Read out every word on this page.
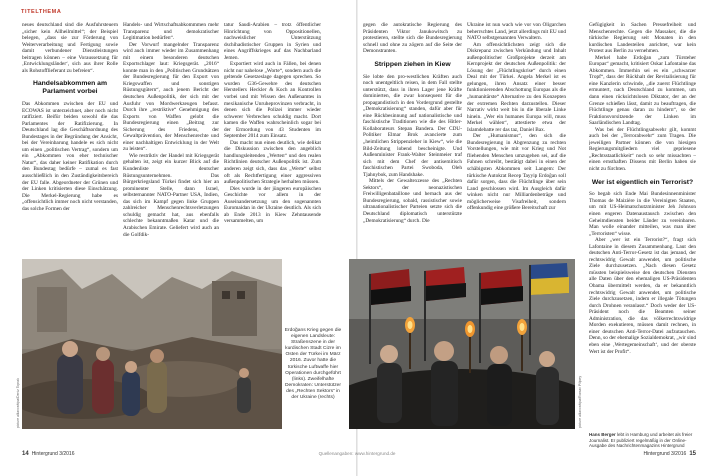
TITELTHEMA

neues deutschland sind die Ausfuhrsteuern „sicher kein Allheilmittel“; der Beispiel belegen, „dass sie zur Förderung von Weiterverarbeitung und Fertigung sowie damit verbundener Dienstleistungen beitragen können – eine Voraussetzung für ‚Entwicklungsländer‘, sich aus ihrer Rolle als Rohstofflieferant zu befreien“.

Handelsabkommen am Parlament vorbei

Das Abkommen zwischen der EU und ECOWAS ist unterzeichnet, aber noch nicht ratifiziert. Beifür beiden sowohl die das Parlamentes der Ratifizierung. In Deutschland lag die Geschäftsordnung des Bundestages in der Begründung der Ansicht, bei der Vereinbarung handele es sich nicht um einen „politischen Vertrag“, sondern um ein „Abkommen von eher technischer Natur“, das daher keiner Ratifikation durch den Bundestag bedürfe – zumal es fast ausschließlich in den Zuständigkeitsbereich der EU falle. Abgeordneter der Grünen und der Linken kritisierten diese Einschätzung. Die Merkel-Regierung habe es „offensichtlich immer noch nicht verstanden, das solche Formen der

Handels- und Wirtschaftsabkommmen mehr Transparenz und demokratischer Legitimation bedürfen“.

Der Vorwurf mangelnder Transparenz wird auch immer wieder im Zusammenhang mit einem besonderen deutschen Exportschlager laut: Kriegsgerät. „2016“ konnte man in den „Politischen Grundsätzen der Bundesregierung für den Export von Kriegswaffen und sonstigen Rüstungsgütern“, auch jenem Bericht der deutschen Außenpolitik, der sich mit der Ausfuhr von Mordwerkzeugen befasst. Durch ihre „restriktive“ Genehmigung des Exports von Waffen gelobt die Bundesregierung einen „Beitrag zur Sicherung des Friedens, der Gewaltprävention, der Menschenrechte und einer nachhaltigen Entwicklung in der Welt zu leisten“.

Wie restriktiv der Handel mit Kriegsgerät gehalten ist, zeigt ein kurzer Blick auf die Kundenliste deutscher Rüstungsunternehmen. Das Bürgerkriegsland Türkei findet sich hier an prominenter Stelle, dann Israel, selbsternannter NATO-Partner USA, Indien, das sich im Kampf gegen linke Gruppen zahlreicher Menschenrechtsverletzungen schuldig gemacht hat, aus ebenfalls schlechte bekanntmaßen Katar und die Arabischen Emirate. Geliefert wird auch an die Golfdik-

tatur Saudi-Arabien – trotz öffentlicher Hinrichtung von Oppositionellen, nachweislicher Unterstützung dschihadistischer Gruppen in Syrien und eines Angriffskrieges auf das Nachbarland Jemen.

Exportiert wird auch in Fällen, bei denen nicht nur nahelose „Worte“, sondern auch die geltende Gesetzeslage dagegen sprechen. So wurden G36-Gewehre des deutschen Herstellers Heckler & Koch an Kontrollen vorbei und mit Wissen des Außenamtes in mexikanische Unruheprovinzen verbracht, in denen sich die Polizei immer wieder schwerer Verbrechen schuldig macht. Dort kamen die Waffen wahrscheinlich sogar bei der Ermordung von 43 Studenten im September 2014 zum Einsatz.

Das macht nun einen deutlich, wie delikat die Diskussion zwischen den angeblich handlungsleitenden „Werten“ und den realen Richtlinien deutscher Außenpolitik ist. Zum anderen zeigt sich, dass das „Werte“ selbst oft als Rechtfertigung einer aggressiven außenpolitischen Strategie herhalten müssen.

Dies wurde in der jüngeren europäischen Geschichte vor allem in der Auseinandersetzung um den sogenannten Euromaidan in der Ukraine deutlich. Als sich ab Ende 2013 in Kiew Zehntausende versammelten, um

gegen die autokratische Regierung des Präsidenten Viktor Janukowitsch zu protestieren, stellte sich die Bundesregierung schnell und ohne zu zögern auf die Seite der Demonstranten.

Strippen ziehen in Kiew

Sie lobte den pro-westlichen Kräften auch noch unentgeltlich reisen, in dem Fall stellte unterstützt, dass in ihren Lager jene Kräfte dominierten, die zwar konsequent für die propagandistisch in den Vordergrund gestellte „Demokratisierung“ standen, dafür aber für eine Rückbesinnung auf nationalistische und faschistische Traditionen wie die des Hitler-Kollaborateurs Stepan Bandera. Der CDU-Politiker Elmar Brok avancierte zum „heimlichen Strippenzieher in Kiew“, wie die Bild-Zeitung lobend bescheinigte. Und Außenminister Frank-Walter Steinmeier traf sich mit dem Chef der antisemitisch faschistischen Partei Swoboda, Oleh Tjahnybok, zum Handshake.

Mittels der Gewaltexzesse des „Rechten Sektors“, der neonazistischen Freiwilligenbataillone und hernach aus der Bundesregierung, sobald, rassistischer sowie ultranationalistischer Parteien setzte sich die Deutschland diplomatisch unterstützte „Demokratisierung“ durch. Die

Ukraine ist nun wach wie vor von Oligarchen beherrschtes Land, jetzt allerdings mit EU und NATO selbstgenannten Verwaltern.

Am offensichtlichsten zeigt sich die Diskrepanz zwischen Verkündung und Inhalt außenpolitischer Großprojekte derzeit am Kernprojekt der deutschen Außenpolitik: der Lösung der „Flüchtlingskrise“ durch einen Deal mit der Türkei. Angela Merkel ist es gelungen, ihren Ansatz einer besser funktionierenden Abschottung Europas als die „humanitärste“ Alternative zu den Konzepten der extremen Rechten darzustellen. Dieser Narrativ wirkt weit bis in die liberale Linke hinein. „Wer ein humanes Europa will, muss Merkel wählen“, attestierte etwa der Islamdebatte rer das taz, Daniel Bax.

Der „Humanismus“, den sich die Bundesregierung in Abgrenzung zu rechten Vorstellungen, wie mit vor Krieg und Not fliehenden Menschen umzugehen sei, auf die Fahnen schreibt, bestätigt dabei in einen der schäbigsten Abkommen seit Langem: Der türkische Autokrat Recep Tayyip Erdoğan soll dafür sorgen, dass die Flüchtlinge über sein Land geschlossen wird. Im Ausgleich dafür winken nicht nur Milliardenbeträge und möglicherweise Visafreiheit, sondern offenkundig eine größere Bereitschaft zur

Gefügigkeit in Sachen Pressefreiheit und Menschenrechte. Gegen die Massaker, die die türkische Regierung seit Monaten in den kurdischen Landesteilen anrichtet, war kein Protest aus Berlin zu vernehmen.

Merkel habe Erdoğan „zum Türsteher Europas“ gemacht, kritisiert Oskar Lafontaine das Abkommen. Immerhin sei es ein „schwarzer Tropf“, dass der Rückhalt der Revitalisierung für eine Kanzlerin schwinde, „die zuerst Flüchtlinge ermuntert, nach Deutschland zu kommen, um dann einen rücksichtslosen Diktator, der an der Grenze schießen lässt, damit zu beauftragen, die Flüchtlinge genau daran zu hindern“, so der Fraktionsvorsitzende der Linken im Saarländischen Landtag.

Was bei der Flüchtlingsabwehr gilt, kommt auch bei der „Terrorabwehr“ zum Tragen. Die jeweiligen Partner können die von hiesigen Regierungsmitgliedern viel gepriesene „Rechtsstaatlichkeit“ noch so sehr missachten – einen ernsthaften Dissens mit Berlin haben sie nicht zu fürchten.

Wer ist eigentlich ein Terrorist?

So begab sich Ende Mai Bundesinnenminister Thomas de Maizière in die Vereinigten Staaten, um mit US-Heimatschutzminister Jeh Johnson einen engeren Datenaustausch zwischen den Geheimdiensten beider Länder zu vereinbaren. Man wolle einander mitteilen, was man über „Terroristen“ wisse.

Aber „wer ist ein Terrorist?“, fragt sich Lafontaine in diesem Zusammenhang. Laut den deutschen Anti-Terror-Gesetz ist das jemand, der rechtswidrig Gewalt anwendet, um politische Ziele durchzusetzen. „Nach diesen Gesetz müssten beispielsweise den deutschen Diensten alle Daten über den ehemaligen US-Präsidenten Obama übermittelt werden, da er bekanntlich rechtswidrig Gewalt anwendet, um politische Ziele durchzusetzen, indem er illegale Tötungen durch Drohnen veranlasst.“ Doch weder der US-Präsident noch die Beamten seiner Administration, die das völkerrechtswidrige Morden exekutieren, müssen damit rechnen, in einer deutschen Anti-Terror-Datei aufzutauchen. Denn, so der ehemalige Sozialdemokrat, „wir sind eben eine ‚Wertegemeinschaft‘, und der oberste Wert ist der Profit“.

Erdoğans Krieg gegen die eigenen Landsleute: Straßenszene in der kurdischen Stadt Cizre im Osten der Türkei im März 2016. Zuvor hatte die türkische Luftwaffe hier Operationen durchgeführt (links). Zweifelhafte Demokraten: Unterstützer des „Rechten Sektors“ in der Ukraine (rechts)
picture alliance/dpa/Deniz Toprak	picture alliance/dpa/Roman Pilipey
Hans Berger lebt in Hamburg und arbeitet als freier Journalist. Er publiziert regelmäßig in der Online-Ausgabe des Nachrichtenmagazins Hintergrund
14 Hintergrund 3/2016	Quellenangaben: www.hintergrund.de	Hintergrund 3/2016 15
